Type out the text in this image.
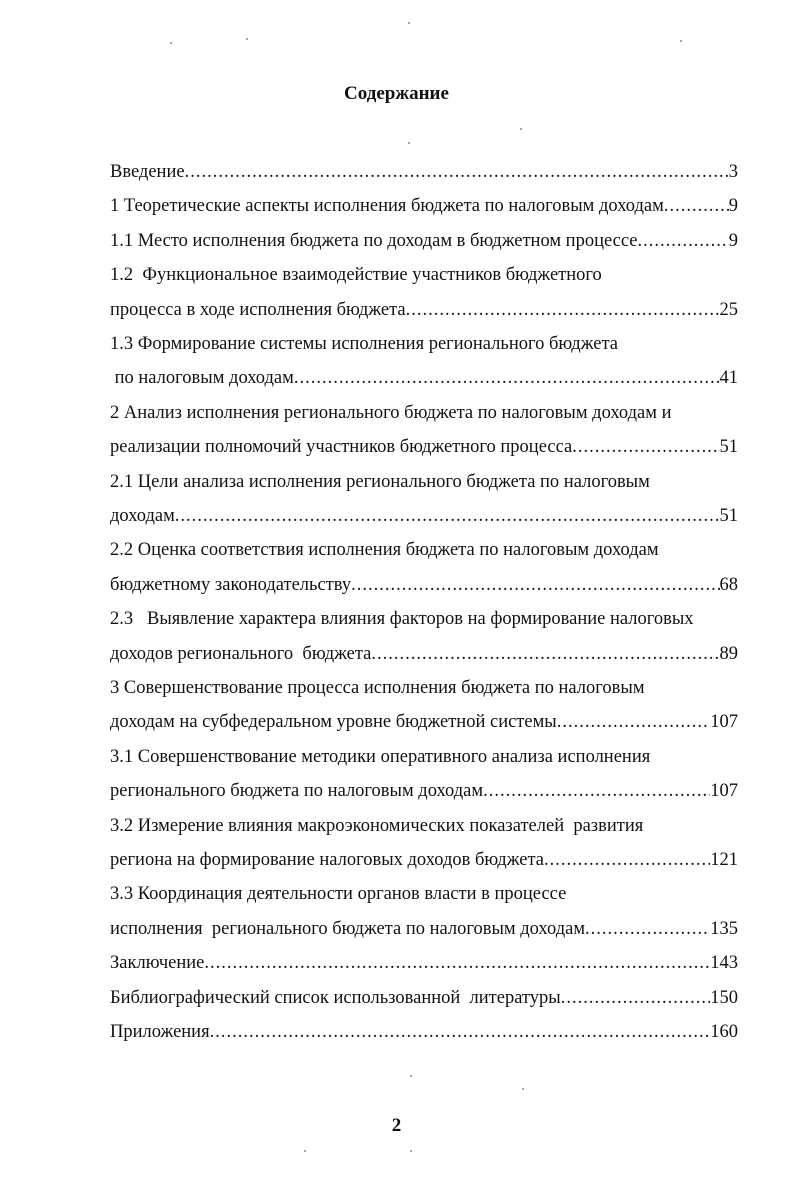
Содержание
Введение .....	3
1 Теоретические аспекты исполнения бюджета по налоговым доходам .....	9
1.1 Место исполнения бюджета по доходам в бюджетном процессе .....	9
1.2  Функциональное взаимодействие участников бюджетного
процесса в ходе исполнения бюджета .....	25
1.3 Формирование системы исполнения регионального бюджета
по налоговым доходам .....	41
2 Анализ исполнения регионального бюджета по налоговым доходам и
реализации полномочий участников бюджетного процесса .....	51
2.1 Цели анализа исполнения регионального бюджета по налоговым
доходам .....	51
2.2 Оценка соответствия исполнения бюджета по налоговым доходам
бюджетному законодательству .....	68
2.3   Выявление характера влияния факторов на формирование налоговых
доходов регионального  бюджета .....	89
3 Совершенствование процесса исполнения бюджета по налоговым
доходам на субфедеральном уровне бюджетной системы .....	107
3.1 Совершенствование методики оперативного анализа исполнения
регионального бюджета по налоговым доходам .....	107
3.2 Измерение влияния макроэкономических показателей  развития
региона на формирование налоговых доходов бюджета .....	121
3.3 Координация деятельности органов власти в процессе
исполнения  регионального бюджета по налоговым доходам .....	135
Заключение .....	143
Библиографический список использованной  литературы .....	150
Приложения .....	160
2
